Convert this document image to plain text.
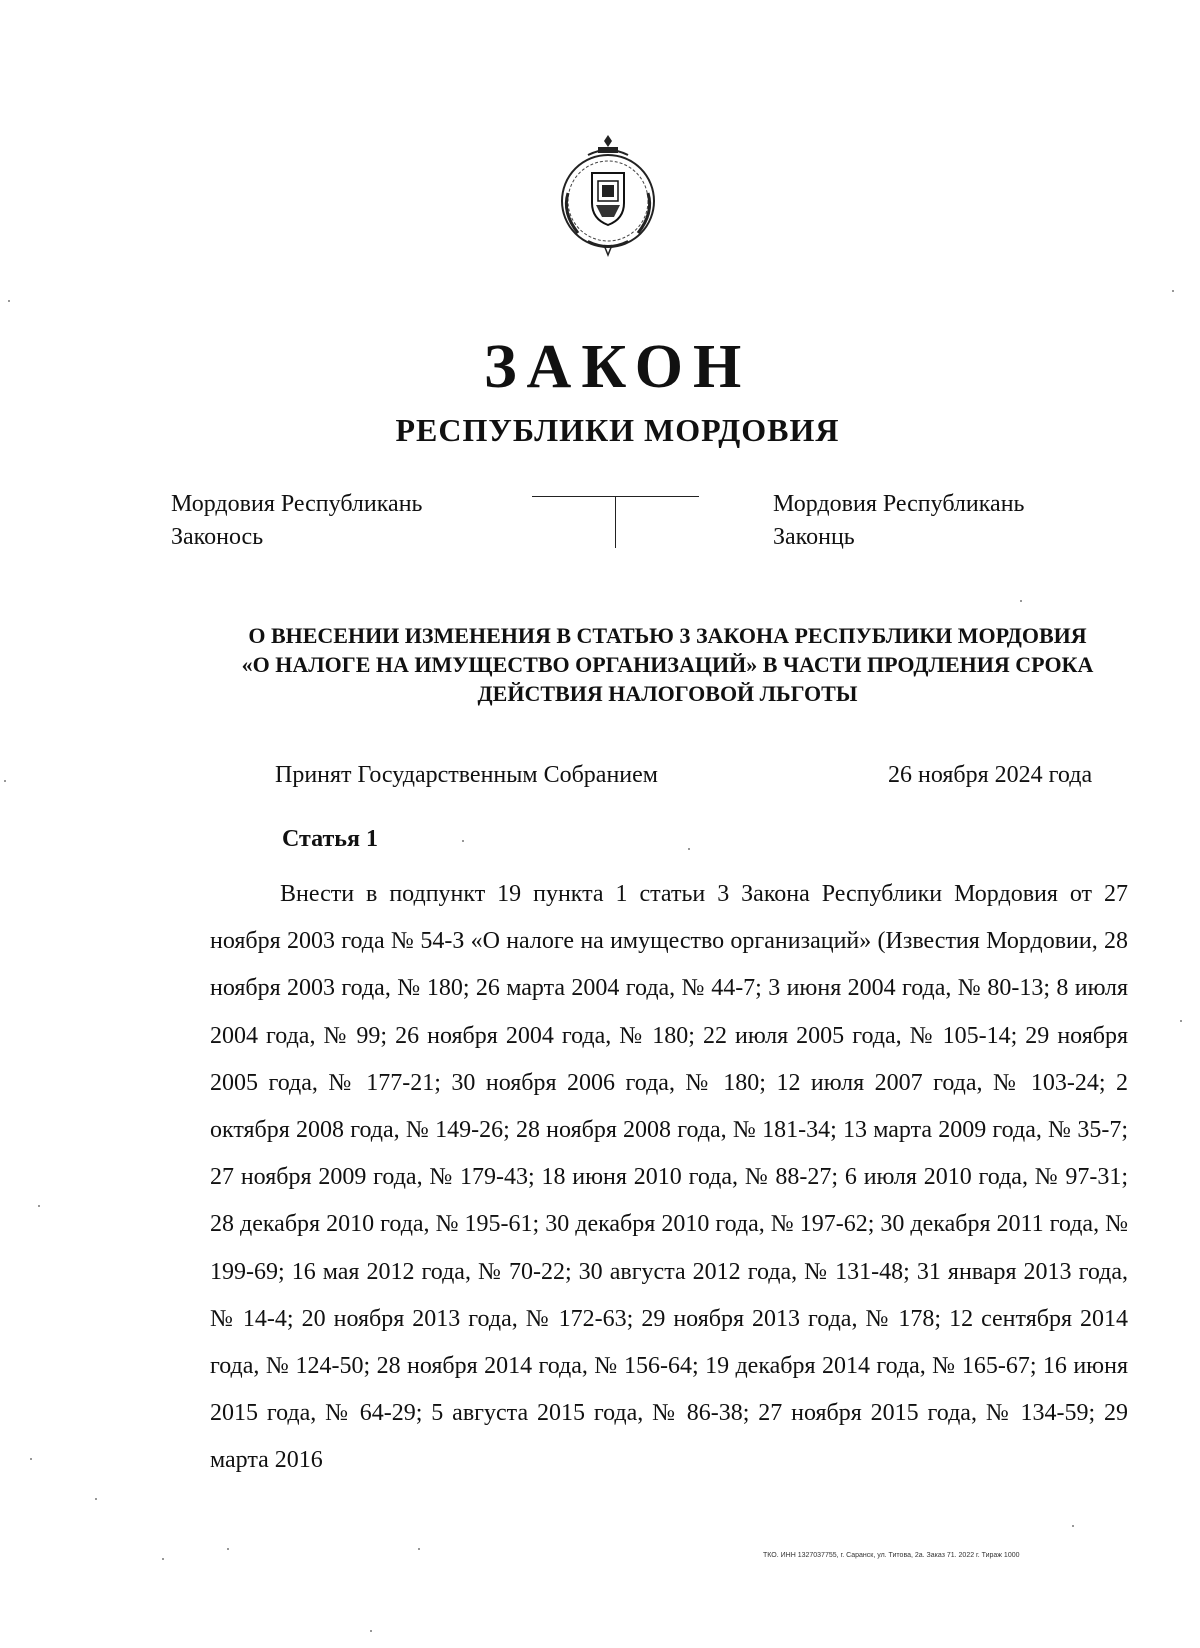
ЗАКОН
РЕСПУБЛИКИ МОРДОВИЯ
Мордовия Республикань
Законось
Мордовия Республикань
Законць
О ВНЕСЕНИИ ИЗМЕНЕНИЯ В СТАТЬЮ 3 ЗАКОНА РЕСПУБЛИКИ МОРДОВИЯ
«О НАЛОГЕ НА ИМУЩЕСТВО ОРГАНИЗАЦИЙ» В ЧАСТИ ПРОДЛЕНИЯ СРОКА
ДЕЙСТВИЯ НАЛОГОВОЙ ЛЬГОТЫ
Принят Государственным Собранием	26 ноября 2024 года
Статья 1

Внести в подпункт 19 пункта 1 статьи 3 Закона Республики Мордовия от 27 ноября 2003 года № 54-З «О налоге на имущество организаций» (Известия Мордовии, 28 ноября 2003 года, № 180; 26 марта 2004 года, № 44-7; 3 июня 2004 года, № 80-13; 8 июля 2004 года, № 99; 26 ноября 2004 года, № 180; 22 июля 2005 года, № 105-14; 29 ноября 2005 года, № 177-21; 30 ноября 2006 года, № 180; 12 июля 2007 года, № 103-24; 2 октября 2008 года, № 149-26; 28 ноября 2008 года, № 181-34; 13 марта 2009 года, № 35-7; 27 ноября 2009 года, № 179-43; 18 июня 2010 года, № 88-27; 6 июля 2010 года, № 97-31; 28 декабря 2010 года, № 195-61; 30 декабря 2010 года, № 197-62; 30 декабря 2011 года, № 199-69; 16 мая 2012 года, № 70-22; 30 августа 2012 года, № 131-48; 31 января 2013 года, № 14-4; 20 ноября 2013 года, № 172-63; 29 ноября 2013 года, № 178; 12 сентября 2014 года, № 124-50; 28 ноября 2014 года, № 156-64; 19 декабря 2014 года, № 165-67; 16 июня 2015 года, № 64-29; 5 августа 2015 года, № 86-38; 27 ноября 2015 года, № 134-59; 29 марта 2016

ТКО. ИНН 1327037755, г. Саранск, ул. Титова, 2а. Заказ 71. 2022 г. Тираж 1000
